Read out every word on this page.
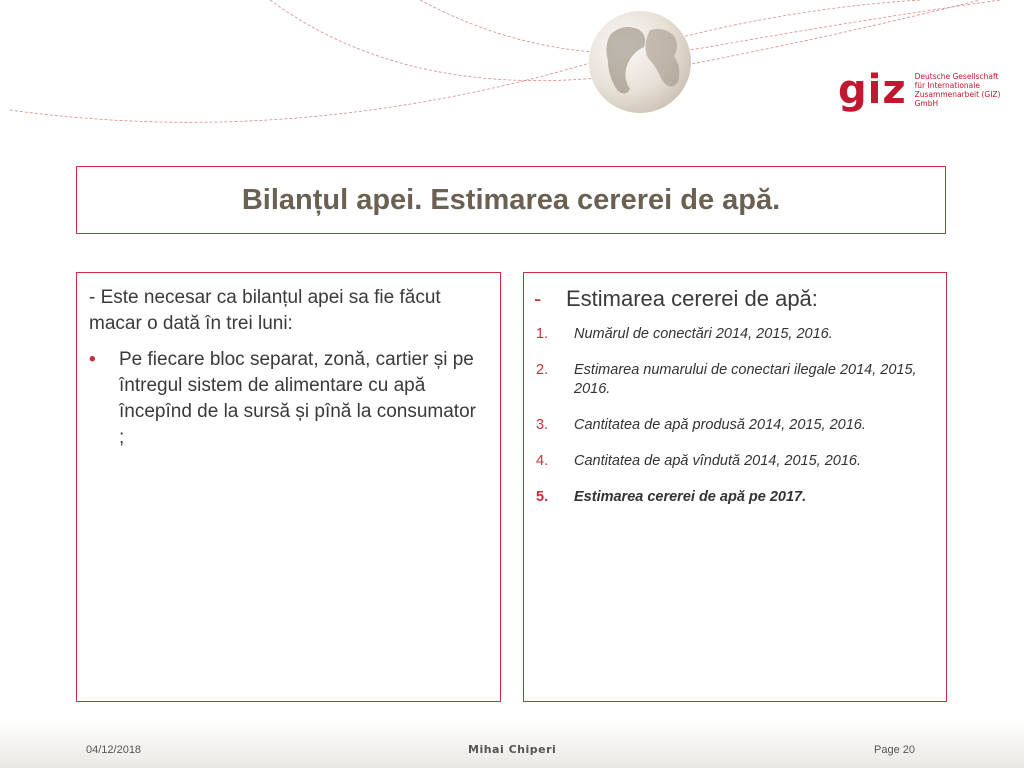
giz Deutsche Gesellschaft
für Internationale
Zusammenarbeit (GIZ) GmbH
Bilanțul apei. Estimarea cererei de apă.
- Este necesar ca bilanțul apei sa fie făcut macar o dată în trei luni:
•	Pe fiecare bloc separat, zonă, cartier și pe întregul sistem de alimentare cu apă începînd de la sursă și pînă la consumator ;
-	Estimarea cererei de apă:
1.	Numărul de conectări 2014, 2015, 2016.
2.	Estimarea numarului de conectari ilegale 2014, 2015, 2016.
3.	Cantitatea de apă produsă 2014, 2015, 2016.
4.	Cantitatea de apă vîndută 2014, 2015, 2016.
5.	Estimarea cererei de apă pe 2017.
04/12/2018	Mihai Chiperi	Page 20
